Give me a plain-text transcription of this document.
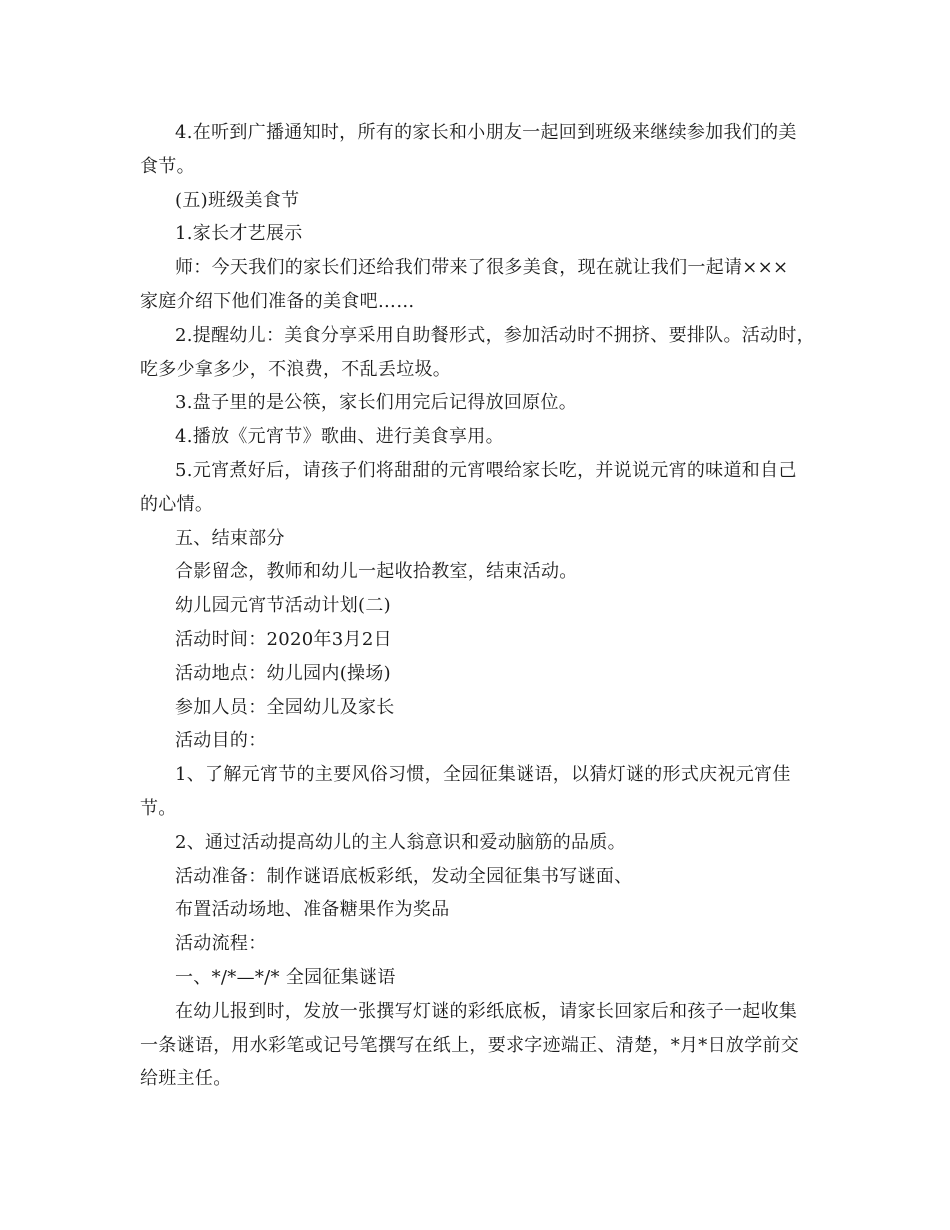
4.在听到广播通知时，所有的家长和小朋友一起回到班级来继续参加我们的美
食节。
(五)班级美食节
1.家长才艺展示
师：今天我们的家长们还给我们带来了很多美食，现在就让我们一起请×××
家庭介绍下他们准备的美食吧……
2.提醒幼儿：美食分享采用自助餐形式，参加活动时不拥挤、要排队。活动时，
吃多少拿多少，不浪费，不乱丢垃圾。
3.盘子里的是公筷，家长们用完后记得放回原位。
4.播放《元宵节》歌曲、进行美食享用。
5.元宵煮好后，请孩子们将甜甜的元宵喂给家长吃，并说说元宵的味道和自己
的心情。
五、结束部分
合影留念，教师和幼儿一起收拾教室，结束活动。
幼儿园元宵节活动计划(二)
活动时间：2020年3月2日
活动地点：幼儿园内(操场)
参加人员：全园幼儿及家长
活动目的：
1、了解元宵节的主要风俗习惯，全园征集谜语，以猜灯谜的形式庆祝元宵佳
节。
2、通过活动提高幼儿的主人翁意识和爱动脑筋的品质。
活动准备：制作谜语底板彩纸，发动全园征集书写谜面、
布置活动场地、准备糖果作为奖品
活动流程：
一、*/*—*/* 全园征集谜语
在幼儿报到时，发放一张撰写灯谜的彩纸底板，请家长回家后和孩子一起收集
一条谜语，用水彩笔或记号笔撰写在纸上，要求字迹端正、清楚，*月*日放学前交
给班主任。
